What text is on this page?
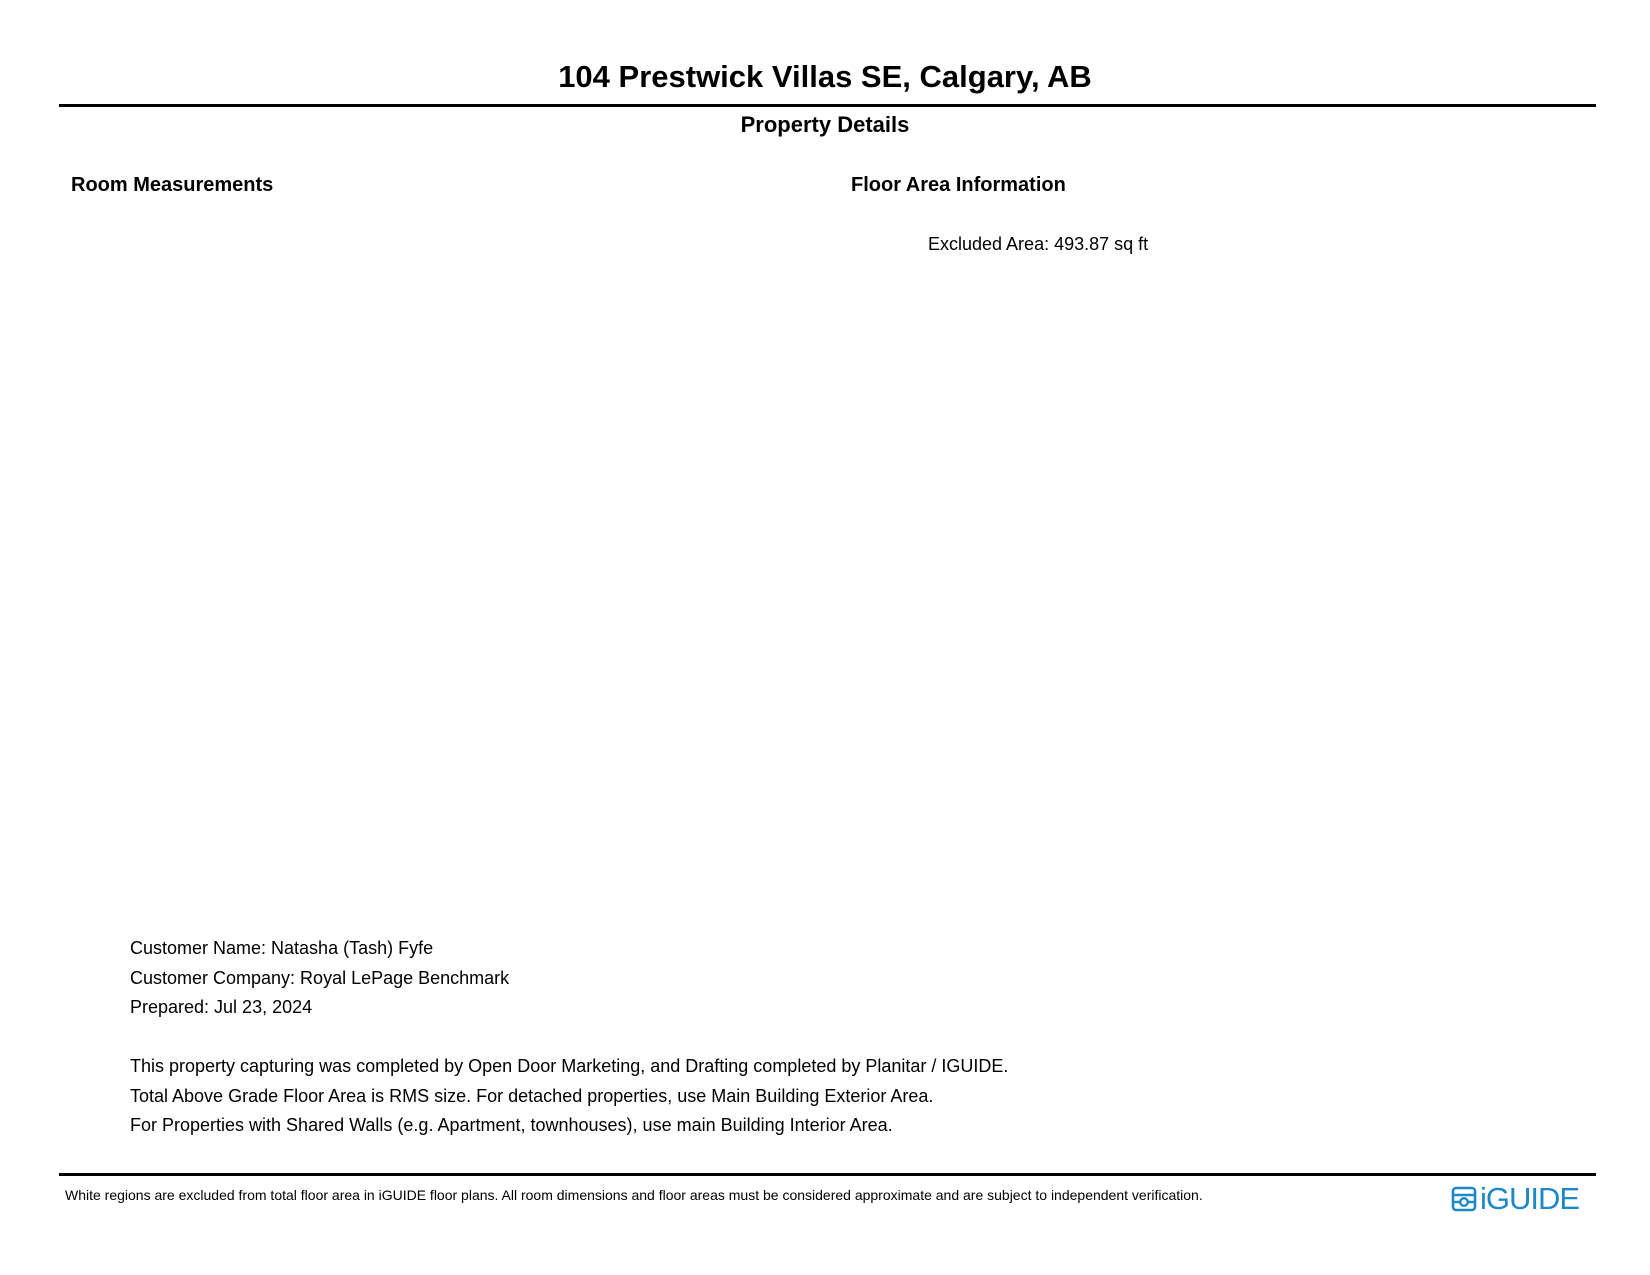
104 Prestwick Villas SE, Calgary, AB
Property Details
Room Measurements	Floor Area Information
Excluded Area: 493.87 sq ft
Customer Name: Natasha (Tash) Fyfe
Customer Company: Royal LePage Benchmark
Prepared: Jul 23, 2024
This property capturing was completed by Open Door Marketing, and Drafting completed by Planitar / IGUIDE.
Total Above Grade Floor Area is RMS size. For detached properties, use Main Building Exterior Area.
For Properties with Shared Walls (e.g. Apartment, townhouses), use main Building Interior Area.
White regions are excluded from total floor area in iGUIDE floor plans. All room dimensions and floor areas must be considered approximate and are subject to independent verification.	iGUIDE
